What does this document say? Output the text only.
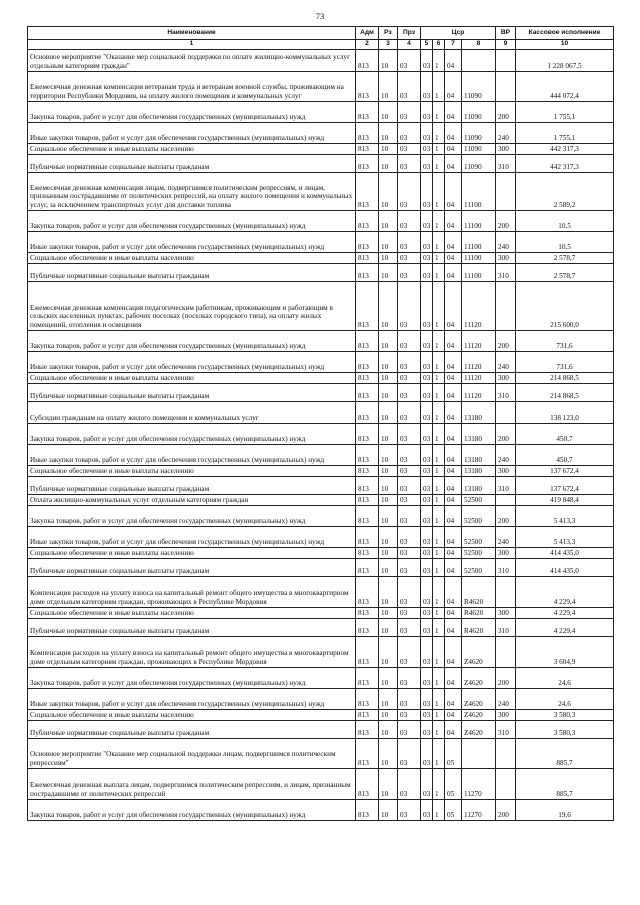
73
Наименование	Адм	Рз	Прз	Цср				ВР	Кассовое исполнение
1	2	3	4	5	6	7	8	9	10
Основное мероприятие "Оказание мер социальной поддержки по оплате жилищно-коммунальных услуг отдельным категориям граждан"	813	10	03	03	1	04			1 228 067,5
Ежемесячная денежная компенсация ветеранам труда и ветеранам военной службы, проживающим на территории Республики Мордовия, на оплату жилого помещения и коммунальных услуг	813	10	03	03	1	04	11090		444 072,4
Закупка товаров, работ и услуг для обеспечения государственных (муниципальных) нужд	813	10	03	03	1	04	11090	200	1 755,1
Иные закупки товаров, работ и услуг для обеспечения государственных (муниципальных) нужд	813	10	03	03	1	04	11090	240	1 755,1
Социальное обеспечение и иные выплаты населению	813	10	03	03	1	04	11090	300	442 317,3
Публичные нормативные социальные выплаты гражданам	813	10	03	03	1	04	11090	310	442 317,3
Ежемесячная денежная компенсация лицам, подвергшимся политическим репрессиям, и лицам, признанным пострадавшими от политических репрессий, на оплату жилого помещения и коммунальных услуг, за исключением транспортных услуг для доставки топлива	813	10	03	03	1	04	11100		2 589,2
Закупка товаров, работ и услуг для обеспечения государственных (муниципальных) нужд	813	10	03	03	1	04	11100	200	10,5
Иные закупки товаров, работ и услуг для обеспечения государственных (муниципальных) нужд	813	10	03	03	1	04	11100	240	10,5
Социальное обеспечение и иные выплаты населению	813	10	03	03	1	04	11100	300	2 578,7
Публичные нормативные социальные выплаты гражданам	813	10	03	03	1	04	11100	310	2 578,7
Ежемесячная денежная компенсация педагогическим работникам, проживающим и работающим в сельских населенных пунктах, рабочих поселках (поселках городского типа), на оплату жилых помещений, отопления и освещения	813	10	03	03	1	04	11120		215 600,0
Закупка товаров, работ и услуг для обеспечения государственных (муниципальных) нужд	813	10	03	03	1	04	11120	200	731,6
Иные закупки товаров, работ и услуг для обеспечения государственных (муниципальных) нужд	813	10	03	03	1	04	11120	240	731,6
Социальное обеспечение и иные выплаты населению	813	10	03	03	1	04	11120	300	214 868,5
Публичные нормативные социальные выплаты гражданам	813	10	03	03	1	04	11120	310	214 868,5
Субсидии гражданам на оплату жилого помещения и коммунальных услуг	813	10	03	03	1	04	13180		138 123,0
Закупка товаров, работ и услуг для обеспечения государственных (муниципальных) нужд	813	10	03	03	1	04	13180	200	450,7
Иные закупки товаров, работ и услуг для обеспечения государственных (муниципальных) нужд	813	10	03	03	1	04	13180	240	450,7
Социальное обеспечение и иные выплаты населению	813	10	03	03	1	04	13180	300	137 672,4
Публичные нормативные социальные выплаты гражданам	813	10	03	03	1	04	13180	310	137 672,4
Оплата жилищно-коммунальных услуг отдельным категориям граждан	813	10	03	03	1	04	52500		419 848,4
Закупка товаров, работ и услуг для обеспечения государственных (муниципальных) нужд	813	10	03	03	1	04	52500	200	5 413,3
Иные закупки товаров, работ и услуг для обеспечения государственных (муниципальных) нужд	813	10	03	03	1	04	52500	240	5 413,3
Социальное обеспечение и иные выплаты населению	813	10	03	03	1	04	52500	300	414 435,0
Публичные нормативные социальные выплаты гражданам	813	10	03	03	1	04	52500	310	414 435,0
Компенсация расходов на уплату взноса на капитальный ремонт общего имущества в многоквартирном доме отдельным категориям граждан, проживающих в Республике Мордовия	813	10	03	03	1	04	R4620		4 229,4
Социальное обеспечение и иные выплаты населению	813	10	03	03	1	04	R4620	300	4 229,4
Публичные нормативные социальные выплаты гражданам	813	10	03	03	1	04	R4620	310	4 229,4
Компенсация расходов на уплату взноса на капитальный ремонт общего имущества в многоквартирном доме отдельным категориям граждан, проживающих в Республике Мордовия	813	10	03	03	1	04	Z4620		3 604,9
Закупка товаров, работ и услуг для обеспечения государственных (муниципальных) нужд	813	10	03	03	1	04	Z4620	200	24,6
Иные закупки товаров, работ и услуг для обеспечения государственных (муниципальных) нужд	813	10	03	03	1	04	Z4620	240	24,6
Социальное обеспечение и иные выплаты населению	813	10	03	03	1	04	Z4620	300	3 580,3
Публичные нормативные социальные выплаты гражданам	813	10	03	03	1	04	Z4620	310	3 580,3
Основное мероприятие "Оказание мер социальной поддержки лицам, подвергшимся политическим репрессиям"	813	10	03	03	1	05			885,7
Ежемесячная денежная выплата лицам, подвергшимся политическим репрессиям, и лицам, признанным пострадавшими от политических репрессий	813	10	03	03	1	05	11270		885,7
Закупка товаров, работ и услуг для обеспечения государственных (муниципальных) нужд	813	10	03	03	1	05	11270	200	19,6
